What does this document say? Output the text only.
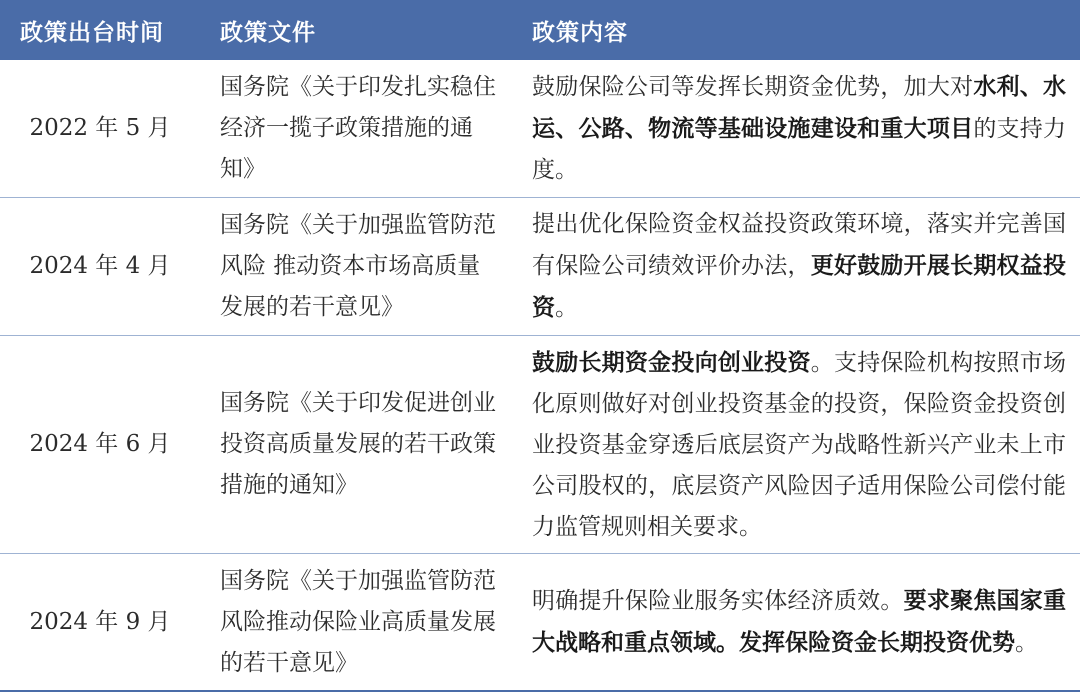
政策出台时间	政策文件	政策内容
2022 年 5 月	国务院《关于印发扎实稳住经济一揽子政策措施的通知》	鼓励保险公司等发挥长期资金优势，加大对水利、水运、公路、物流等基础设施建设和重大项目的支持力度。
2024 年 4 月	国务院《关于加强监管防范风险 推动资本市场高质量发展的若干意见》	提出优化保险资金权益投资政策环境，落实并完善国有保险公司绩效评价办法，更好鼓励开展长期权益投资。
2024 年 6 月	国务院《关于印发促进创业投资高质量发展的若干政策措施的通知》	鼓励长期资金投向创业投资。支持保险机构按照市场化原则做好对创业投资基金的投资，保险资金投资创业投资基金穿透后底层资产为战略性新兴产业未上市公司股权的，底层资产风险因子适用保险公司偿付能力监管规则相关要求。
2024 年 9 月	国务院《关于加强监管防范风险推动保险业高质量发展的若干意见》	明确提升保险业服务实体经济质效。要求聚焦国家重大战略和重点领域。发挥保险资金长期投资优势。
